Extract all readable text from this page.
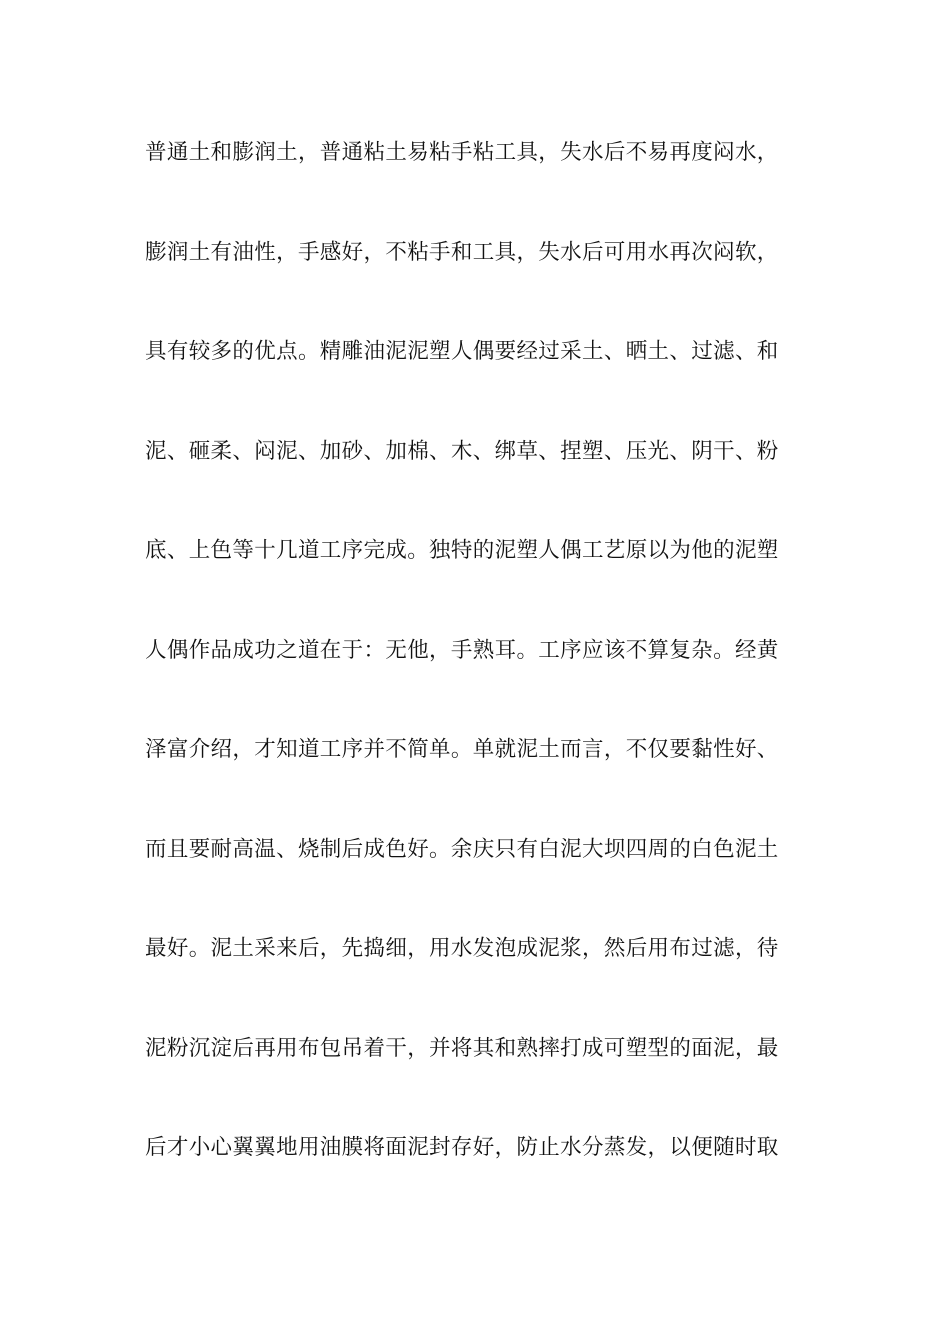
普通土和膨润土，普通粘土易粘手粘工具，失水后不易再度闷水，
膨润土有油性，手感好，不粘手和工具，失水后可用水再次闷软，
具有较多的优点。精雕油泥泥塑人偶要经过采土、晒土、过滤、和
泥、砸柔、闷泥、加砂、加棉、木、绑草、捏塑、压光、阴干、粉
底、上色等十几道工序完成。独特的泥塑人偶工艺原以为他的泥塑
人偶作品成功之道在于：无他，手熟耳。工序应该不算复杂。经黄
泽富介绍，才知道工序并不简单。单就泥土而言，不仅要黏性好、
而且要耐高温、烧制后成色好。余庆只有白泥大坝四周的白色泥土
最好。泥土采来后，先捣细，用水发泡成泥浆，然后用布过滤，待
泥粉沉淀后再用布包吊着干，并将其和熟摔打成可塑型的面泥，最
后才小心翼翼地用油膜将面泥封存好，防止水分蒸发，以便随时取
